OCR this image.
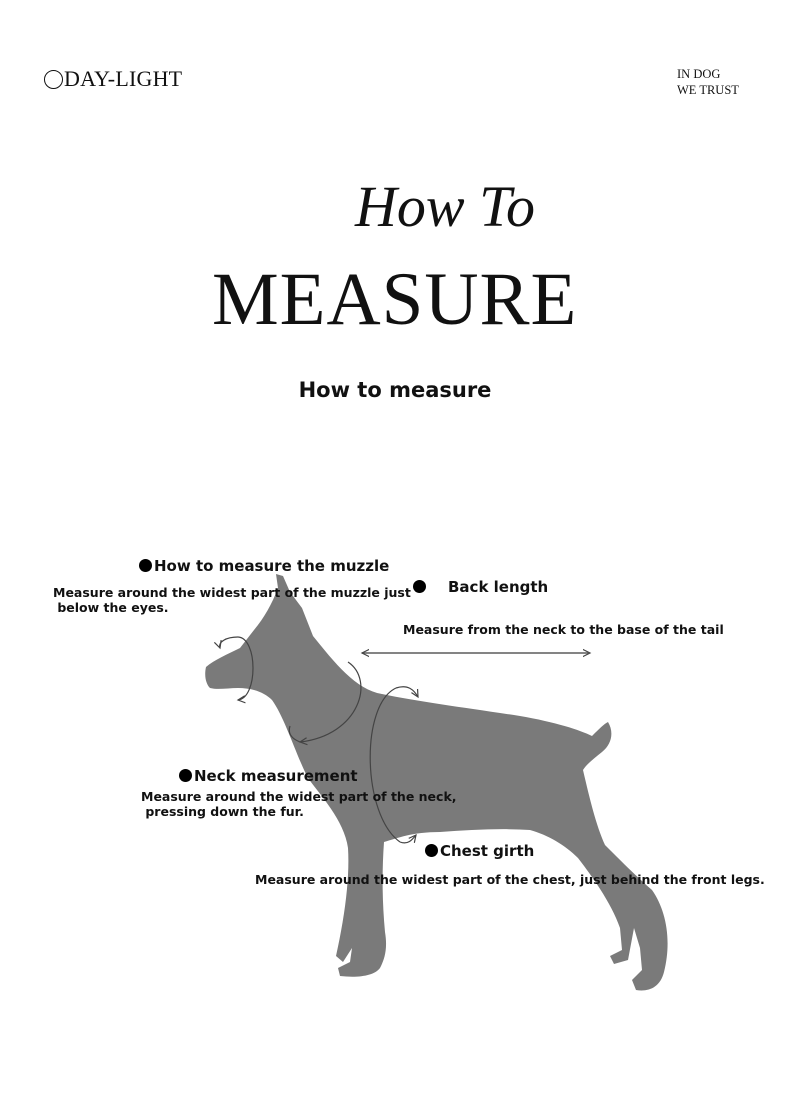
DAY-LIGHT	IN DOG
WE TRUST
How To
MEASURE
How to measure
How to measure the muzzle
Measure around the widest part of the muzzle just
below the eyes.
Back length
Measure from the neck to the base of the tail
Neck measurement
Measure around the widest part of the neck,
pressing down the fur.
Chest girth
Measure around the widest part of the chest, just behind the front legs.
